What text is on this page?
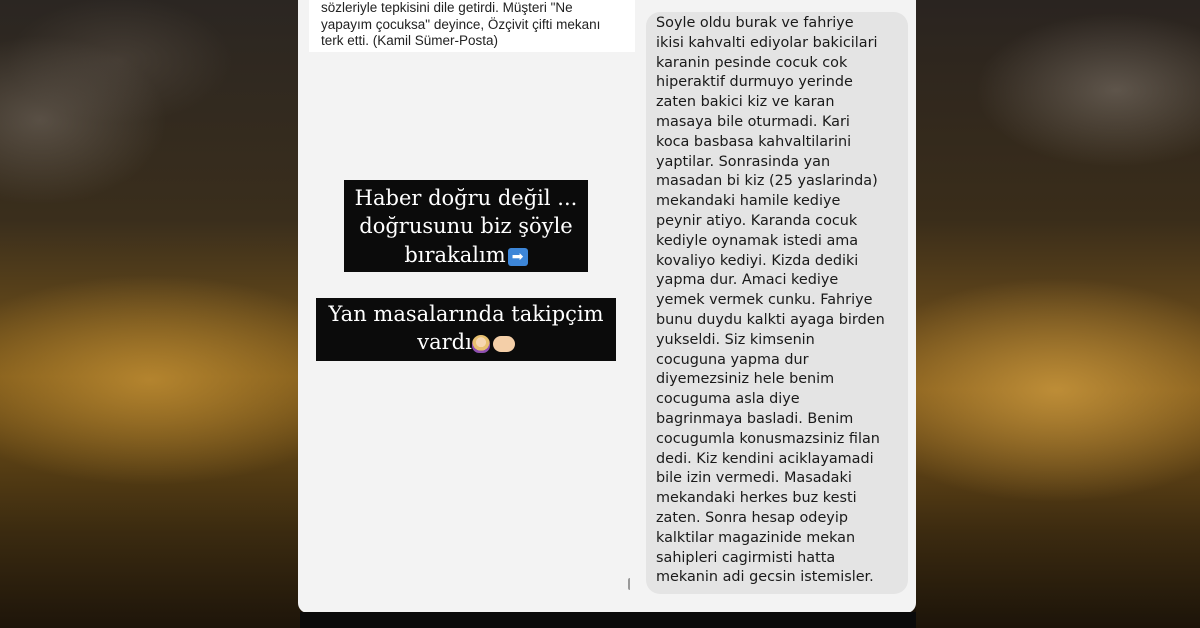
sözleriyle tepkisini dile getirdi. Müşteri "Ne
yapayım çocuksa" deyince, Özçivit çifti mekanı
terk etti. (Kamil Sümer-Posta)
Haber doğru değil ...
doğrusunu biz şöyle
bırakalım ➡
Yan masalarında takipçim
vardı
Soyle oldu burak ve fahriye
ikisi kahvalti ediyolar bakicilari
karanin pesinde cocuk cok
hiperaktif durmuyo yerinde
zaten bakici kiz ve karan
masaya bile oturmadi. Kari
koca basbasa kahvaltilarini
yaptilar. Sonrasinda yan
masadan bi kiz (25 yaslarinda)
mekandaki hamile kediye
peynir atiyo. Karanda cocuk
kediyle oynamak istedi ama
kovaliyo kediyi. Kizda dediki
yapma dur. Amaci kediye
yemek vermek cunku. Fahriye
bunu duydu kalkti ayaga birden
yukseldi. Siz kimsenin
cocuguna yapma dur
diyemezsiniz hele benim
cocuguma asla diye
bagrinmaya basladi. Benim
cocugumla konusmazsiniz filan
dedi. Kiz kendini aciklayamadi
bile izin vermedi. Masadaki
mekandaki herkes buz kesti
zaten. Sonra hesap odeyip
kalktilar magazinide mekan
sahipleri cagirmisti hatta
mekanin adi gecsin istemisler.
